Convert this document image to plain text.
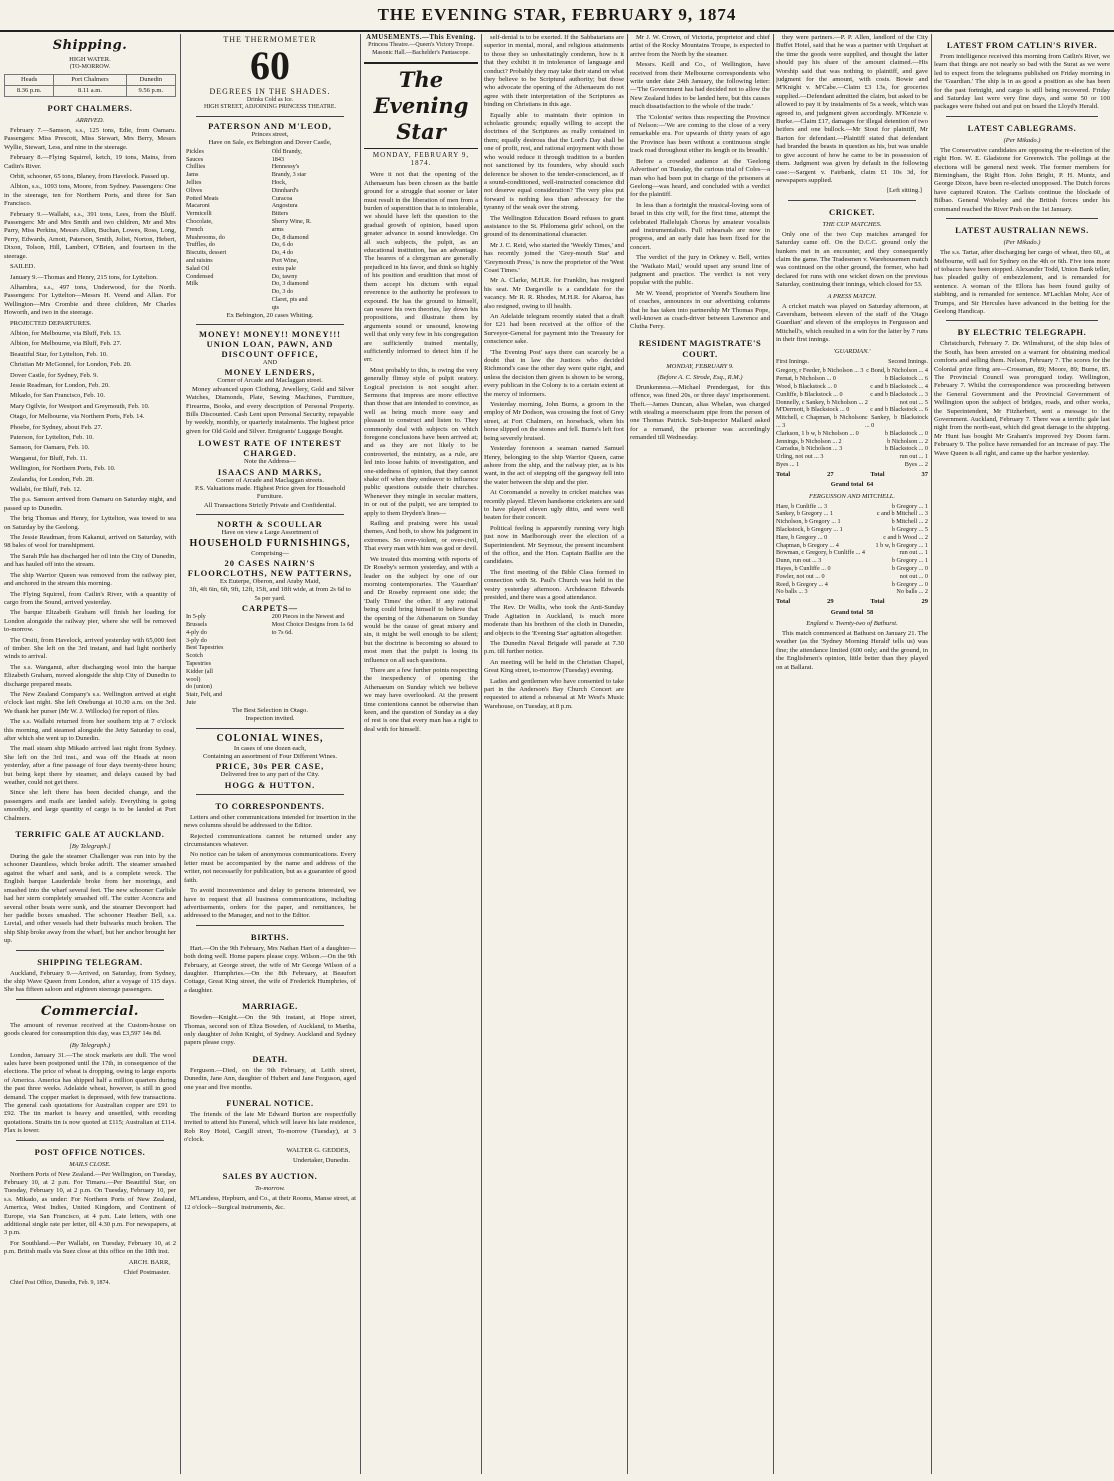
THE EVENING STAR, FEBRUARY 9, 1874
Shipping.
HIGH WATER.
(TO-MORROW.
Heads	Port Chalmers	Dunedin
8.36 p.m.	8.11 a.m.	9.56 p.m.
PORT CHALMERS.
ARRIVED.

February 7.—Samson, s.s., 125 tons, Edie, from Oamaru. Passengers: Miss Prescott, Miss Stewart, Mrs Berry, Messrs Wyllie, Stewart, Less, and nine in the steerage.

February 8.—Flying Squirrel, ketch, 19 tons, Mains, from Catlin's River.

Orbit, schooner, 65 tons, Blaney, from Havelock. Passed up.

Albion, s.s., 1093 tons, Moore, from Sydney. Passengers: One in the steerage, ten for Northern Ports, and three for San Francisco.

February 9.—Wallabi, s.s., 391 tons, Lees, from the Bluff. Passengers: Mr and Mrs Smith and two children, Mr and Mrs Parry, Miss Perkins, Messrs Allen, Buchan, Lowes, Ross, Long, Perry, Edwards, Arnott, Paterson, Smith, Joliet, Norton, Hebert, Dixon, Tolson, Hill, Lambert, O'Brien, and fourteen in the steerage.

SAILED.

January 9.—Thomas and Henry, 215 tons, for Lyttelton.

Alhambra, s.s., 497 tons, Underwood, for the North. Passengers: For Lyttelton—Messrs H. Veend and Allan. For Wellington—Mrs Crombie and three children, Mr Charles Howorth, and two in the steerage.

PROJECTED DEPARTURES.

Albion, for Melbourne, via Bluff, Feb. 13.

Albion, for Melbourne, via Bluff, Feb. 27.

Beautiful Star, for Lyttelton, Feb. 10.

Christian Mr McGonnel, for London, Feb. 20.

Dover Castle, for Sydney, Feb. 9.

Jessie Readman, for London, Feb. 20.

Mikado, for San Francisco, Feb. 10.

Mary Ogilvie, for Westport and Greymouth, Feb. 10.

Otago, for Melbourne, via Northern Ports, Feb. 14.

Phoebe, for Sydney, about Feb. 27.

Paterson, for Lyttelton, Feb. 10.

Samson, for Oamaru, Feb. 10.

Wanganui, for Bluff, Feb. 11.

Wellington, for Northern Ports, Feb. 10.

Zealandia, for London, Feb. 28.

Wallabi, for Bluff, Feb. 12.

The p.s. Samson arrived from Oamaru on Saturday night, and passed up to Dunedin.

The brig Thomas and Henry, for Lyttelton, was towed to sea on Saturday by the Geelong.

The Jessie Readman, from Kakanui, arrived on Saturday, with 98 bales of wool for transhipment.

The Sarah Pile has discharged her oil into the City of Dunedin, and has hauled off into the stream.

The ship Warrior Queen was removed from the railway pier, and anchored in the stream this morning.

The Flying Squirrel, from Catlin's River, with a quantity of cargo from the Sound, arrived yesterday.

The barque Elizabeth Graham will finish her loading for London alongside the railway pier, where she will be removed to-morrow.

The Orsiti, from Havelock, arrived yesterday with 65,000 feet of timber. She left on the 3rd instant, and had light northerly winds to arrival.

The s.s. Wanganui, after discharging wool into the barque Elizabeth Graham, moved alongside the ship City of Dunedin to discharge prepared meats.

The New Zealand Company's s.s. Wellington arrived at eight o'clock last night. She left Onehunga at 10.30 a.m. on the 3rd. We thank her purser (Mr W. J. Willocks) for report of files.

The s.s. Wallabi returned from her southern trip at 7 o'clock this morning, and steamed alongside the Jetty Saturday to coal, after which she went up to Dunedin.

The mail steam ship Mikado arrived last night from Sydney. She left on the 3rd inst., and was off the Heads at noon yesterday, after a fine passage of four days twenty-three hours; but being kept there by steamer, and delays caused by bad weather, could not get there.

Since she left there has been decided change, and the passengers and mails are landed safely. Everything is going smoothly, and large quantity of cargo is to be landed at Port Chalmers.

TERRIFIC GALE AT AUCKLAND.
[By Telegraph.]

During the gale the steamer Challenger was run into by the schooner Dauntless, which broke adrift. The steamer smashed against the wharf and sank, and is a complete wreck. The English barque Lauderdale broke from her moorings, and smashed into the wharf several feet. The new schooner Carlisle had her stern completely smashed off. The cutter Aconcra and several other boats were sunk, and the steamer Devonport had her paddle boxes smashed. The schooner Heather Bell, s.s. Luvial, and other vessels had their bulwarks much broken. The ship Ship broke away from the wharf, but her anchor brought her up.

SHIPPING TELEGRAM.

Auckland, February 9.—Arrived, on Saturday, from Sydney, the ship Wave Queen from London, after a voyage of 115 days. She has fifteen saloon and eighteen steerage passengers.

Commercial.

The amount of revenue received at the Custom-house on goods cleared for consumption this day, was £3,597 14s 8d.

(By Telegraph.)

London, January 31.—The stock markets are dull. The wool sales have been postponed until the 17th, in consequence of the elections. The price of wheat is dropping, owing to large exports of America. America has shipped half a million quarters during the past three weeks. Adelaide wheat, however, is still in good demand. The copper market is depressed, with few transactions. The general cash quotations for Australian copper are £91 to £92. The tin market is heavy and unsettled, with receding quotations. Straits tin is now quoted at £115; Australian at £114. Flax is lower.

POST OFFICE NOTICES.
MAILS CLOSE.

Northern Ports of New Zealand.—Per Wellington, on Tuesday, February 10, at 2 p.m. For Timaru.—Per Beautiful Star, on Tuesday, February 10, at 2 p.m. On Tuesday, February 10, per s.s. Mikado, as under: For Northern Ports of New Zealand, America, West Indies, United Kingdom, and Continent of Europe, via San Francisco, at 4 p.m. Late letters, with one additional single rate per letter, till 4.30 p.m. For newspapers, at 3 p.m.

For Southland.—Per Wallabi, on Tuesday, February 10, at 2 p.m. British mails via Suez close at this office on the 18th inst.

ARCH. BARR,
Chief Postmaster.

Chief Post Office, Dunedin, Feb. 9, 1874.

THE THERMOMETER
60
DEGREES IN THE SHADES.
Drinks Cold as Ice.
HIGH STREET, ADJOINING PRINCESS THEATRE.
PATERSON AND M'LEOD,
Princes street,
Have on Sale, ex Bebington and Dover Castle,
Pickles
Sauces
Chillies
Jams
Jellies
Olives
Potted Meats
Macaroni
Vermicelli
Chocolate, French
Mushrooms, do
Truffles, do
Biscuits, dessert and raisins
Salad Oil
Condensed Milk
Old Brandy, 1843
Hennessy's Brandy, 3 star
Hock, Dinnhard's
Curacoa
Angostura Bitters
Sherry Wine, R. arms
Do, 8 diamond
Do, 6 do
Do, 4 do
Port Wine, extra pale
Do, tawny
Do, 3 diamond
Do, 3 do
Claret, pts and qts
Ex Bebington, 20 cases Whiting.
MONEY! MONEY!! MONEY!!!
UNION LOAN, PAWN, AND DISCOUNT OFFICE,
AND
MONEY LENDERS,
Corner of Arcade and Maclaggan street.

Money advanced upon Clothing, Jewellery, Gold and Silver Watches, Diamonds, Plate, Sewing Machines, Furniture, Firearms, Books, and every description of Personal Property. Bills Discounted. Cash Lent upon Personal Security, repayable by weekly, monthly, or quarterly instalments. The highest price given for Old Gold and Silver. Emigrants' Luggage Bought.

LOWEST RATE OF INTEREST CHARGED.
Note the Address—
ISAACS AND MARKS,
Corner of Arcade and Maclaggan streets.
P.S. Valuations made. Highest Price given for Household Furniture.
All Transactions Strictly Private and Confidential.
NORTH & SCOULLAR
Have on view a Large Assortment of
HOUSEHOLD FURNISHINGS,
Comprising—
20 CASES NAIRN'S FLOORCLOTHS, NEW PATTERNS,
Ex Euterpe, Oberon, and Araby Maid,
3ft, 4ft 6in, 6ft, 9ft, 12ft, 15ft, and 18ft wide, at from 2s 6d to 5s per yard.
CARPETS—
In 5-ply Brussels
4-ply do
3-ply do
Best Tapestries
Scotch Tapestries
Kidder (all wool)
do (union)
Stair, Felt, and Jute
200 Pieces in the Newest and Most Choice Designs from 1s 6d to 7s 6d.
The Best Selection in Otago.
Inspection invited.
COLONIAL WINES,
In cases of one dozen each,
Containing an assortment of Four Different Wines.
PRICE, 30s PER CASE,
Delivered free to any part of the City.
HOGG & HUTTON.
TO CORRESPONDENTS.

Letters and other communications intended for insertion in the news columns should be addressed to the Editor.

Rejected communications cannot be returned under any circumstances whatever.

No notice can be taken of anonymous communications. Every letter must be accompanied by the name and address of the writer, not necessarily for publication, but as a guarantee of good faith.

To avoid inconvenience and delay to persons interested, we have to request that all business communications, including advertisements, orders for the paper, and remittances, be addressed to the Manager, and not to the Editor.

BIRTHS.

Hart.—On the 9th February, Mrs Nathan Hart of a daughter—both doing well. Home papers please copy. Wilson.—On the 9th February, at George street, the wife of Mr George Wilson of a daughter. Humphries.—On the 8th February, at Beaufort Cottage, Great King street, the wife of Frederick Humphries, of a daughter.

MARRIAGE.

Bowden—Knight.—On the 9th instant, at Hope street, Thomas, second son of Eliza Bowden, of Auckland, to Martha, only daughter of John Knight, of Sydney. Auckland and Sydney papers please copy.

DEATH.

Ferguson.—Died, on the 9th February, at Leith street, Dunedin, Jane Ann, daughter of Hubert and Jane Ferguson, aged one year and five months.

FUNERAL NOTICE.

The friends of the late Mr Edward Burton are respectfully invited to attend his Funeral, which will leave his late residence, Rob Roy Hotel, Cargill street, To-morrow (Tuesday), at 3 o'clock.

WALTER G. GEDDES,
Undertaker, Dunedin.
SALES BY AUCTION.
To-morrow.

M'Landess, Hepburn, and Co., at their Rooms, Manse street, at 12 o'clock—Surgical instruments, &c.

AMUSEMENTS.—This Evening.
Princess Theatre.—Queen's Victory Troupe.
Masonic Hall.—Bachelder's Pantascope.
The Evening Star
MONDAY, FEBRUARY 9, 1874.

Were it not that the opening of the Athenaeum has been chosen as the battle ground for a struggle that sooner or later must result in the liberation of men from a burden of superstition that is to intolerable, we should have left the question to the gradual growth of opinion, based upon greater advance in sound knowledge. On all such subjects, the pulpit, as an educational institution, has an advantage. The hearers of a clergyman are generally prejudiced in his favor, and think so highly of his position and erudition that most of them accept his dictum with equal reverence to the authority he professes to expound. He has the ground to himself, can weave his own theories, lay down his propositions, and illustrate them by arguments sound or unsound, knowing well that only very few in his congregation are sufficiently trained mentally, sufficiently informed to detect him if he err.

Most probably to this, is owing the very generally flimsy style of pulpit oratory. Logical precision is not sought after. Sermons that impress are more effective than those that are intended to convince, as well as being much more easy and pleasant to construct and listen to. They commonly deal with subjects on which foregone conclusions have been arrived at; and as they are not likely to be controverted, the ministry, as a rule, are led into loose habits of investigation, and one-sidedness of opinion, that they cannot shake off when they endeavor to influence public questions outside their churches. Whenever they mingle in secular matters, in or out of the pulpit, we are tempted to apply to them Dryden's lines—

Railing and praising were his usual themes, And both, to show his judgment in extremes. So over-violent, or over-civil, That every man with him was god or devil.

We treated this morning with reports of Dr Roseby's sermon yesterday, and with a leader on the subject by one of our morning contemporaries. The 'Guardian' and Dr Roseby represent one side; the 'Daily Times' the other. If any rational being could bring himself to believe that the opening of the Athenaeum on Sunday would be the cause of great misery and sin, it might be well enough to be silent; but the doctrine is becoming so absurd to most men that the pulpit is losing its influence on all such questions.

There are a few further points respecting the inexpediency of opening the Athenaeum on Sunday which we believe we may have overlooked. At the present time contentions cannot be otherwise than keen, and the question of Sunday as a day of rest is one that every man has a right to deal with for himself.

self-denial is to be exerted. If the Sabbatarians are superior in mental, moral, and religious attainments to those they so unhesitatingly condemn, how is it that they exhibit it in intolerance of language and conduct? Probably they may take their stand on what they believe to be Scriptural authority; but those who advocate the opening of the Athenaeum do not agree with their interpretation of the Scriptures as binding on Christians in this age.

Equally able to maintain their opinion in scholastic grounds; equally willing to accept the doctrines of the Scriptures as really contained in them; equally desirous that the Lord's Day shall be one of profit, rest, and rational enjoyment with those who would reduce it through tradition to a burden not sanctioned by its founders, why should such deference be shown to the tender-conscienced, as if a sound-conditioned, well-instructed conscience did not deserve equal consideration? The very plea put forward is nothing less than advocacy for the tyranny of the weak over the strong.

The Wellington Education Board refuses to grant assistance to the St. Philomena girls' school, on the ground of its denominational character.

Mr J. C. Reid, who started the 'Weekly Times,' and has recently joined the 'Grey-mouth Star' and 'Greymouth Press,' is now the proprietor of the 'West Coast Times.'

Mr A. Clarke, M.H.R. for Franklin, has resigned his seat. Mr Dargaville is a candidate for the vacancy. Mr R. R. Rhodes, M.H.R. for Akaroa, has also resigned, owing to ill health.

An Adelaide telegram recently stated that a draft for £21 had been received at the office of the Surveyor-General for payment into the Treasury for conscience sake.

'The Evening Post' says there can scarcely be a doubt that in law the Justices who decided Richmond's case the other day were quite right, and unless the decision then given is shown to be wrong, every publican in the Colony is to a certain extent at the mercy of informers.

Yesterday morning, John Burns, a groom in the employ of Mr Dodson, was crossing the foot of Grey street, at Fort Chalmers, on horseback, when his horse slipped on the stones and fell. Burns's left foot being severely bruised.

Yesterday forenoon a seaman named Samuel Henry, belonging to the ship Warrior Queen, came ashore from the ship, and the railway pier, as is his want, in the act of stepping off the gangway fell into the water between the ship and the pier.

At Coromandel a novelty in cricket matches was recently played. Eleven handsome cricketers are said to have played eleven ugly ditto, and were well beaten for their conceit.

Political feeling is apparently running very high just now in Marlborough over the election of a Superintendent. Mr Seymour, the present incumbent of the office, and the Hon. Captain Baillie are the candidates.

The first meeting of the Bible Class formed in connection with St. Paul's Church was held in the vestry yesterday afternoon. Archdeacon Edwards presided, and there was a good attendance.

The Rev. Dr Wallis, who took the Anti-Sunday Trade Agitation in Auckland, is much more moderate than his brethren of the cloth in Dunedin, and objects to the 'Evening Star' agitation altogether.

The Dunedin Naval Brigade will parade at 7.30 p.m. till further notice.

An meeting will be held in the Christian Chapel, Great King street, to-morrow (Tuesday) evening.

Ladies and gentlemen who have consented to take part in the Anderson's Bay Church Concert are requested to attend a rehearsal at Mr West's Music Warehouse, on Tuesday, at 8 p.m.

Mr J. W. Crown, of Victoria, proprietor and chief artist of the Rocky Mountains Troupe, is expected to arrive from the North by the steamer.

Messrs. Keill and Co., of Wellington, have received from their Melbourne correspondents who write under date 24th January, the following letter:—'The Government has had decided not to allow the New Zealand hides to be landed here, but this causes much dissatisfaction to the whole of the trade.'

The 'Colonist' writes thus respecting the Province of Nelson:—'We are coming to the close of a very remarkable era. For upwards of thirty years of ago the Province has been without a continuous single track road throughout either its length or its breadth.'

Before a crowded audience at the 'Geelong Advertiser' on Tuesday, the curious trial of Coles—a man who had been put in charge of the prisoners at Geelong—was heard, and concluded with a verdict for the plaintiff.

In less than a fortnight the musical-loving sons of Israel in this city will, for the first time, attempt the celebrated Hallelujah Chorus by amateur vocalists and instrumentalists. Full rehearsals are now in progress, and an early date has been fixed for the concert.

The verdict of the jury in Orkney v. Bell, writes the 'Waikato Mail,' would upset any sound line of judgment and practice. The verdict is not very popular with the public.

Mr W. Yeend, proprietor of Yeend's Southern line of coaches, announces in our advertising columns that he has taken into partnership Mr Thomas Pope, well-known as coach-driver between Lawrence and Clutha Ferry.

RESIDENT MAGISTRATE'S COURT.
MONDAY, FEBRUARY 9.
(Before A. C. Strode, Esq., R.M.)

Drunkenness.—Michael Prendergast, for this offence, was fined 20s, or three days' imprisonment. Theft.—James Duncan, alias Whelan, was charged with stealing a meerschaum pipe from the person of one Thomas Patrick. Sub-Inspector Mallard asked for a remand, the prisoner was accordingly remanded till Wednesday.

they were partners.—P. P. Allen, landlord of the City Buffet Hotel, said that he was a partner with Urquhart at the time the goods were supplied, and thought the latter should pay his share of the amount claimed.—His Worship said that was nothing to plaintiff, and gave judgment for the amount, with costs. Bowie and M'Knight v. M'Cabe.—Claim £3 13s, for groceries supplied.—Defendant admitted the claim, but asked to be allowed to pay it by instalments of 5s a week, which was agreed to, and judgment given accordingly. M'Kenzie v. Burke.—Claim £17, damages for illegal detention of two heifers and one bullock.—Mr Stout for plaintiff, Mr Barton for defendant.—Plaintiff stated that defendant had branded the beasts in question as his, but was unable to give account of how he came to be in possession of them. Judgment was given by default in the following case:—Sargent v. Fairbank, claim £1 10s 3d, for newspapers supplied.

[Left sitting.]
CRICKET.
THE CUP MATCHES.

Only one of the two Cup matches arranged for Saturday came off. On the D.C.C. ground only the hunkers met in an encounter, and they consequently claim the game. The Tradesmen v. Warehousemen match was continued on the other ground, the former, who had declared for runs with one wicket down on the previous Saturday, continuing their innings, which closed for 53.

A PRESS MATCH.

A cricket match was played on Saturday afternoon, at Caversham, between eleven of the staff of the 'Otago Guardian' and eleven of the employes in Fergusson and Mitchell's, which resulted in a win for the latter by 7 runs in their first innings.

'GUARDIAN.'
First Innings.	Second Innings.
Gregory, r Feeder, b Nicholson ... 3 c Bond, b Nicholson ... 4
Pernat, b Nicholson ... 0	b Blackstock ... 6
Wood, b Blackstock ... 0	c and b Blackstock ... 4
Cunliffe, b Blackstock ... 0	c and b Blackstock ... 3
Donnelly, c Sankey, b Nicholson ... 2	not out ... 5
M'Dermott, b Blackstock ... 0	c and b Blackstock ... 6
Mitchell, c Chapman, b Nicholson ... 3
c Sankey, b Blackstock ... 0
Clarkson, 1 b w, b Nicholson ... 0	b Blackstock ... 0
Jennings, b Nicholson ... 2	b Nicholson ... 2
Carradus, b Nicholson ... 3	b Blackstock ... 0
Urling, not out ... 3	run out ... 1
Byes ... 1	Byes ... 2
Total	27	Total	37
Grand total
64
FERGUSSON AND MITCHELL.
Hare, b Cunliffe ... 3	b Gregory ... 1
Sankey, b Gregory ... 1	c and b Mitchell ... 3
Nicholson, b Gregory ... 1	b Mitchell ... 2
Blackstock, b Gregory ... 1	b Gregory ... 5
Hare, b Gregory ... 0	c and b Wood ... 2
Chapman, b Gregory ... 4	1 b w, b Gregory ... 1
Bowman, c Gregory, b Cunliffe ... 4	run out ... 1
Dunn, run out ... 3	b Gregory ... 1
Hayes, b Cunliffe ... 0	b Gregory ... 0
Fowler, not out ... 0	not out ... 0
Reed, b Gregory ... 4	b Gregory ... 0
No balls ... 3	No balls ... 2
Total	29	Total	29
Grand total
58
England v. Twenty-two of Bathurst.

This match commenced at Bathurst on January 21. The weather (as the 'Sydney Morning Herald' tells us) was fine; the attendance limited (600 only; and the ground, in the Englishmen's opinion, little better than they played on at Ballarat.

LATEST FROM CATLIN'S RIVER.

From intelligence received this morning from Catlin's River, we learn that things are not nearly so bad with the Surat as we were led to expect from the telegrams published on Friday morning in the 'Guardian.' The ship is in as good a position as she has been for the past fortnight, and cargo is still being recovered. Friday and Saturday last were very fine days, and some 50 or 100 packages were fished out and put on board the Lloyd's Herald.

LATEST CABLEGRAMS.
(Per Mikado.)

The Conservative candidates are opposing the re-election of the right Hon. W. E. Gladstone for Greenwich. The pollings at the elections will be general next week. The former members for Birmingham, the Right Hon. John Bright, P. H. Muntz, and George Dixon, have been re-elected unopposed. The Dutch forces have captured Kraton. The Carlists continue the blockade of Bilbao. General Wolseley and the British forces under his command reached the River Prah on the 1st January.

LATEST AUSTRALIAN NEWS.
(Per Mikado.)

The s.s. Tartar, after discharging her cargo of wheat, thro 60,, at Melbourne, will sail for Sydney on the 4th or 6th. Five tons more of tobacco have been stopped. Alexander Todd, Union Bank teller, has pleaded guilty of embezzlement, and is remanded for sentence. A woman of the Ellora has been found guilty of stabbing, and is remanded for sentence. M'Lachlan Mohr, Ace of Trumps, and Sir Hercules have advanced in the betting for the Geelong Handicap.

BY ELECTRIC TELEGRAPH.

Christchurch, February 7. Dr. Wilmshurst, of the ship Isles of the South, has been arrested on a warrant for obtaining medical comforts and selling them. Nelson, February 7. The scores for the Colonial prize firing are—Crossman, 89; Moore, 89; Burne, 85. The Provincial Council was prorogued today. Wellington, February 7. Whilst the correspondence was proceeding between the General Government and the Provincial Government of Wellington upon the subject of bridges, roads, and other works, the Superintendent, Mr Fitzherbert, sent a message to the Government. Auckland, February 7. There was a terrific gale last night from the north-east, which did great damage to the shipping. Mr Hunt has bought Mr Graham's improved Ivy Doom farm. February 9. The police have remanded for an increase of pay. The Wave Queen is all right, and came up the harbor yesterday.
